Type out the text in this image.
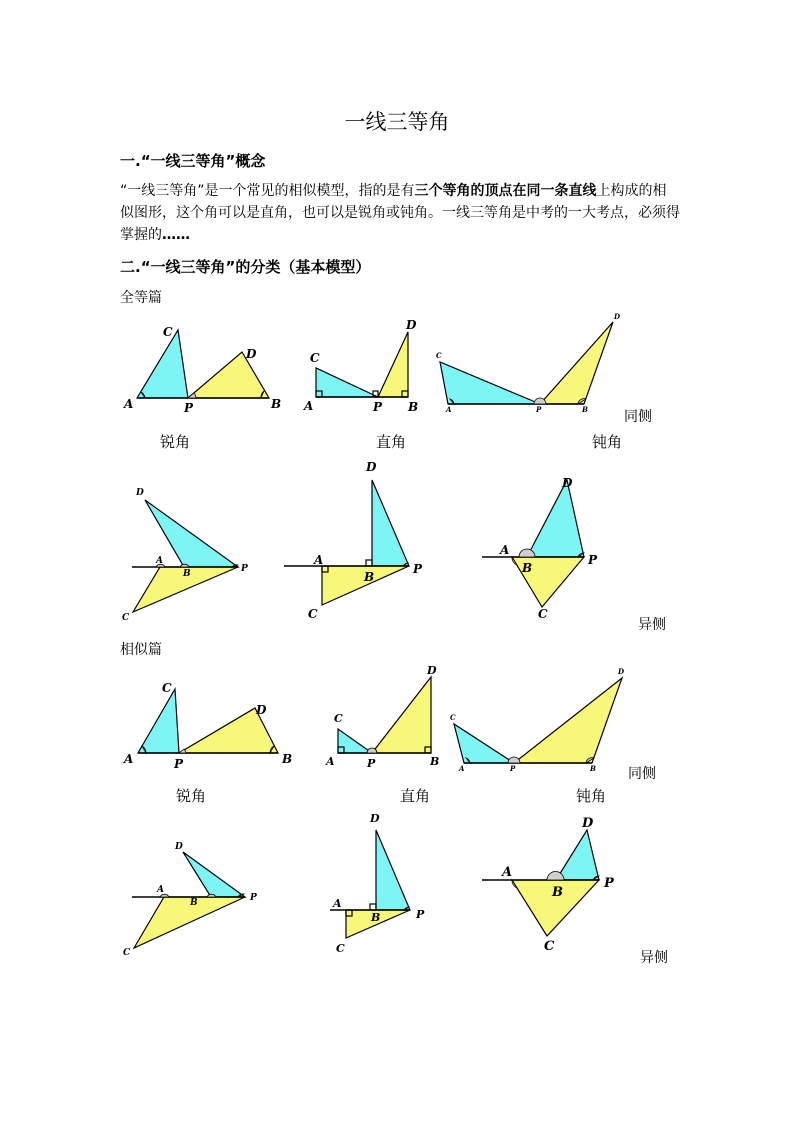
一线三等角
一.“一线三等角”概念
“一线三等角”是一个常见的相似模型，指的是有三个等角的顶点在同一条直线上构成的相似图形，这个角可以是直角，也可以是锐角或钝角。一线三等角是中考的一大考点，必须得掌握的……
二.“一线三等角”的分类（基本模型）
全等篇
A
C
P
D
B
C
A	P
D
B
C
A	P
D
B	同侧
锐角	直角	钝角
D
A
B	P
C
D
A
B
P
C
D
A
B
P
C
异侧
相似篇
A
C
P
D
B
C
A	P
D
B
C
A	P
D
B 同侧
锐角	直角	钝角
D
A
B	P
C
D
A
B	P
C
D
A
B
P
C
异侧
